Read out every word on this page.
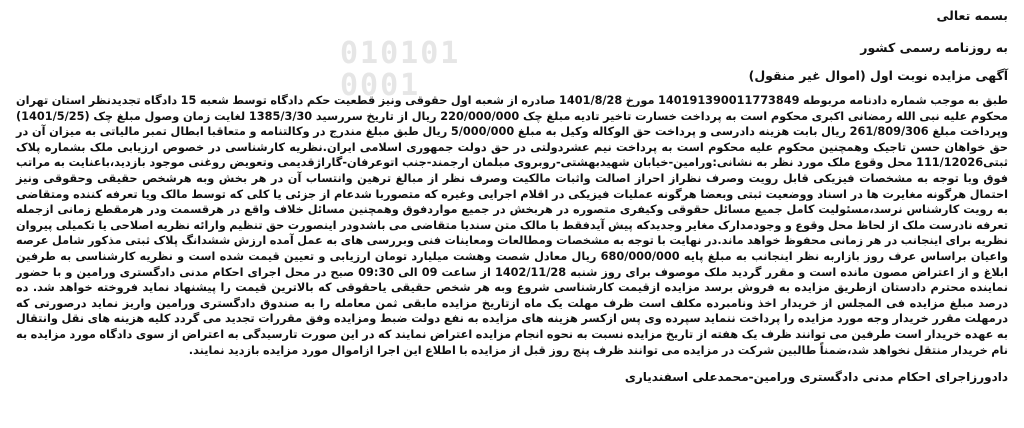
010101
0001
بسمه تعالی
به روزنامه رسمی کشور
آگهی مزایده نوبت اول (اموال غیر منقول)
طبق به موجب شماره دادنامه مربوطه 140191390011773849 مورخ 1401/8/28 صادره از شعبه اول حقوقی ونیز قطعیت حکم دادگاه توسط شعبه 15 دادگاه تجدیدنظر استان تهران محکوم علیه نبی الله رمضانی اکبری محکوم است به پرداخت خسارت تاخیر تادیه مبلغ چک 220/000/000 ریال از تاریخ سررسید 1385/3/30 لغایت زمان وصول مبلغ چک (1401/5/25) وپرداخت مبلغ 261/809/306 ریال بابت هزینه دادرسی و پرداخت حق الوکاله وکیل به مبلغ 5/000/000 ریال طبق مبلغ مندرج در وکالتنامه و متعاقبا ابطال تمبر مالیاتی به میزان آن در حق خواهان حسن تاجیک وهمچنین محکوم علیه محکوم است به پرداخت نیم عشردولتی در حق دولت جمهوری اسلامی ایران.نظریه کارشناسی در خصوص ارزیابی ملک بشماره پلاک ثبتی111/12026 محل وقوع ملک مورد نظر به نشانی:ورامین-خیابان شهیدبهشتی-روبروی مبلمان ارجمند-جنب اتوعرفان-گاراژقدیمی وتعویض روغنی موجود بازدید،باعنایت به مراتب فوق وبا توجه به مشخصات فیزیکی قابل رویت وصرف نظراز احراز اصالت واثبات مالکیت وصرف نظر از مبالغ ترهین وانتساب آن در هر بخش وبه هرشخص حقیقی وحقوقی ونیز احتمال هرگونه مغایرت ها در اسناد ووضعیت ثبتی وبعضا هرگونه عملیات فیزیکی در اقلام اجرایی وغیره که متصوربا شدعام از جزئی یا کلی که توسط مالک ویا تعرفه کننده ومتقاضی به رویت کارشناس نرسد،مسئولیت کامل جمیع مسائل حقوقی وکیفری متصوره در هربخش در جمیع مواردفوق وهمچنین مسائل خلاف واقع در هرقسمت ودر هرمقطع زمانی ازجمله تعرفه نادرست ملک از لحاظ محل وقوع و وجودمدارک مغایر وجدیدکه پیش آیدفقط با مالک متن سندیا متقاضی می باشدودر اینصورت حق تنظیم وارائه نظریه اصلاحی یا تکمیلی پیروان نظریه برای اینجانب در هر زمانی محفوظ خواهد ماند.در نهایت با توجه به مشخصات ومطالعات ومعاینات فنی وبررسی های به عمل آمده ارزش ششدانگ پلاک ثبتی مذکور شامل عرصه واعیان براساس عرف روز بازاربه نظر اینجانب به مبلغ پایه 680/000/000 ریال معادل شصت وهشت میلیارد تومان ارزیابی و تعیین قیمت شده است و نظریه کارشناسی به طرفین ابلاغ و از اعتراض مصون مانده است و مقرر گردید ملک موصوف برای روز شنبه 1402/11/28 از ساعت 09 الی 09:30 صبح در محل اجرای احکام مدنی دادگستری ورامین و با حضور نماینده محترم دادستان ازطریق مزایده به فروش برسد مزایده ازقیمت کارشناسی شروع وبه هر شخص حقیقی یاحقوقی که بالاترین قیمت را پیشنهاد نماید فروخته خواهد شد. ده درصد مبلغ مزایده فی المجلس از خریدار اخذ ونامبرده مکلف است ظرف مهلت یک ماه ازتاریخ مزایده مابقی ثمن معامله را به صندوق دادگستری ورامین واریز نماید درصورتی که درمهلت مقرر خریدار وجه مورد مزایده را پرداخت ننماید سپرده وی پس ازکسر هزینه های مزایده به نفع دولت ضبط ومزایده وفق مقررات تجدید می گردد کلیه هزینه های نقل وانتقال به عهده خریدار است طرفین می توانند ظرف یک هفته از تاریخ مزایده نسبت به نحوه انجام مزایده اعتراض نمایند که در این صورت تارسیدگی به اعتراض از سوی دادگاه مورد مزایده به نام خریدار منتقل نخواهد شد،ضمناً طالبین شرکت در مزایده می توانند ظرف پنج روز قبل از مزایده با اطلاع این اجرا ازاموال مورد مزایده بازدید نمایند.
دادورزاجرای احکام مدنی دادگستری ورامین-محمدعلی اسفندیاری
